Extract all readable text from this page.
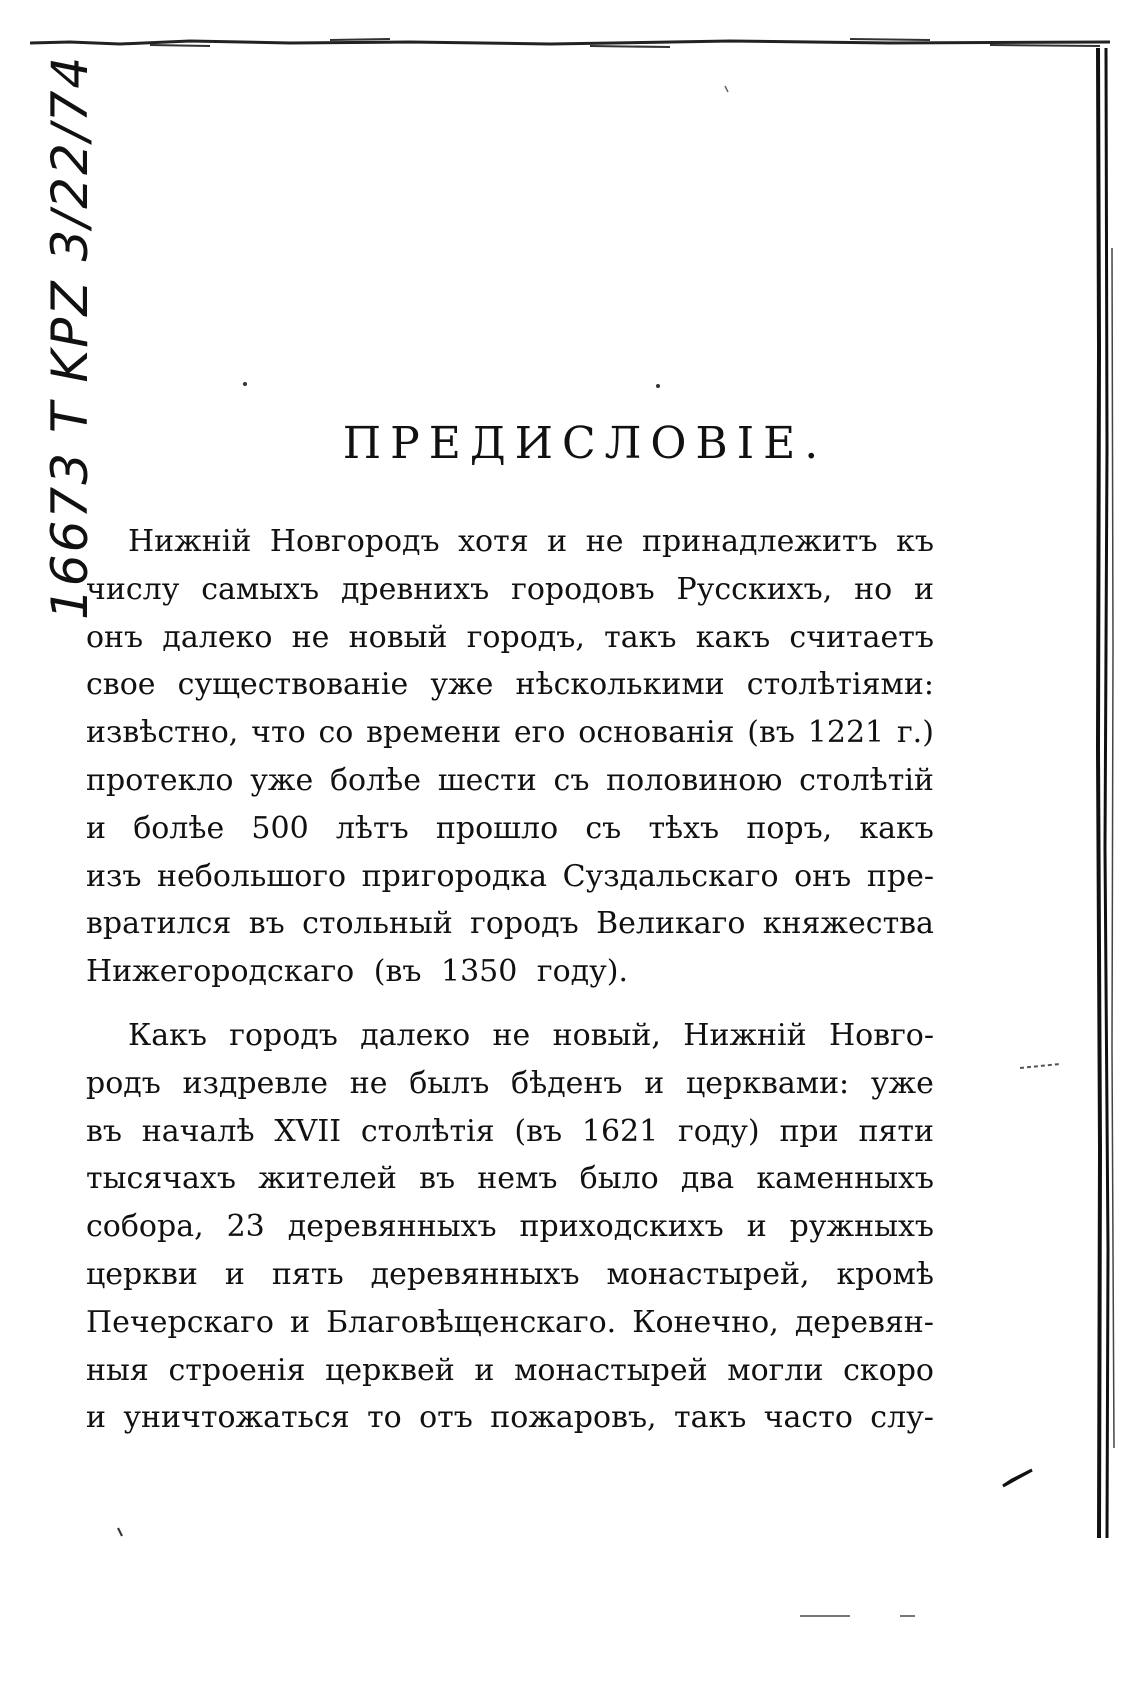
16673 T KPZ 3/22/74	ПРЕДИСЛОВІЕ.
Нижній Новгородъ хотя и не принадлежитъ къ
числу самыхъ древнихъ городовъ Русскихъ, но и
онъ далеко не новый городъ, такъ какъ считаетъ
свое существованіе уже нѣсколькими столѣтіями:
извѣстно, что со времени его основанія (въ 1221 г.)
протекло уже болѣе шести съ половиною столѣтій
и болѣе 500 лѣтъ прошло съ тѣхъ поръ, какъ
изъ небольшого пригородка Суздальскаго онъ пре-
вратился въ стольный городъ Великаго княжества
Нижегородскаго (въ 1350 году).
Какъ городъ далеко не новый, Нижній Новго-
родъ издревле не былъ бѣденъ и церквами: уже
въ началѣ XVII столѣтія (въ 1621 году) при пяти
тысячахъ жителей въ немъ было два каменныхъ
собора, 23 деревянныхъ приходскихъ и ружныхъ
церкви и пять деревянныхъ монастырей, кромѣ
Печерскаго и Благовѣщенскаго. Конечно, деревян-
ныя строенія церквей и монастырей могли скоро
и уничтожаться то отъ пожаровъ, такъ часто слу-
